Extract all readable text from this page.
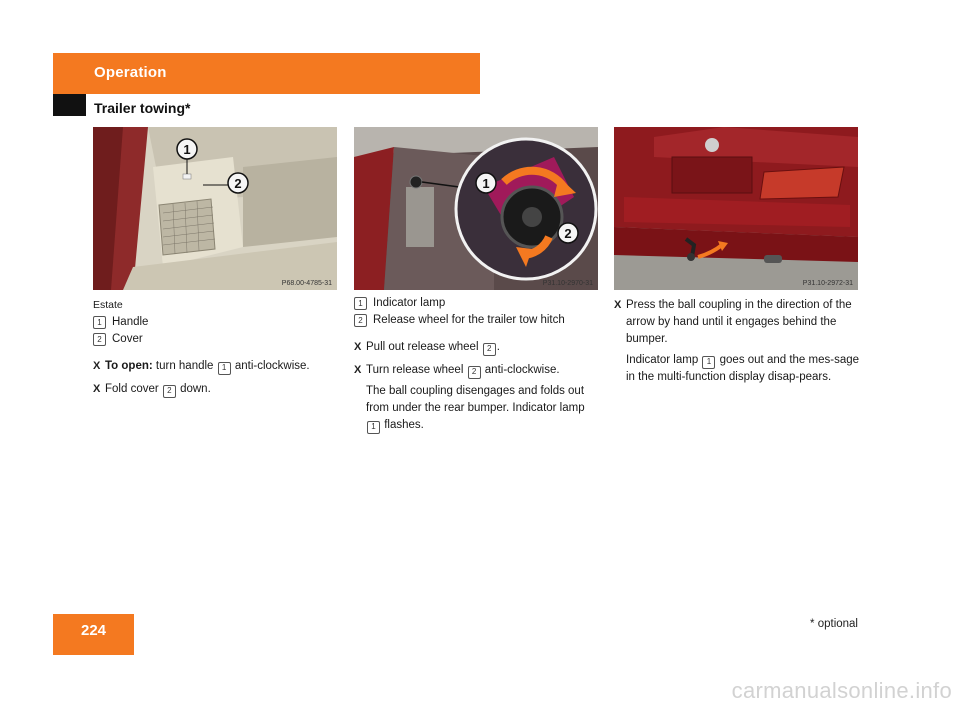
Operation
Trailer towing*
1
2
P68.00-4785-31
1
2
P31.10-2970-31	P31.10-2972-31

Estate

1 Handle

2 Cover

X To open: turn handle 1 anti-clockwise.

X Fold cover 2 down.

1 Indicator lamp

2 Release wheel for the trailer tow hitch

X Pull out release wheel 2 .

X Turn release wheel 2 anti-clockwise.

The ball coupling disengages and folds out from under the rear bumper. Indicator lamp 1 flashes.

X Press the ball coupling in the direction of the arrow by hand until it engages behind the bumper.

Indicator lamp 1 goes out and the mes-sage in the multi-function display disap-pears.

224	* optional
carmanualsonline.info
